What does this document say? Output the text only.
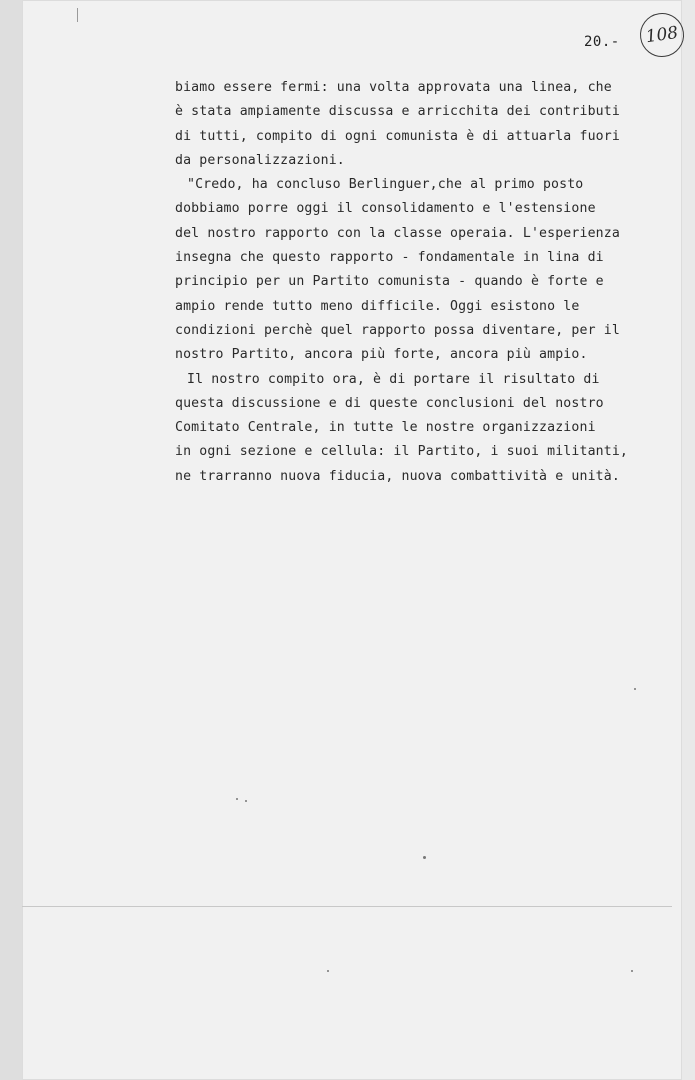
20.-	108
biamo essere fermi: una volta approvata una linea, che
è stata ampiamente discussa e arricchita dei contributi
di tutti, compito di ogni comunista è di attuarla fuori
da personalizzazioni.
"Credo, ha concluso Berlinguer,che al primo posto
dobbiamo porre oggi il consolidamento e l'estensione
del nostro rapporto con la classe operaia. L'esperienza
insegna che questo rapporto - fondamentale in lina di
principio per un Partito comunista - quando è forte e
ampio rende tutto meno difficile. Oggi esistono le
condizioni perchè quel rapporto possa diventare, per il
nostro Partito, ancora più forte, ancora più ampio.
Il nostro compito ora, è di portare il risultato di
questa discussione e di queste conclusioni del nostro
Comitato Centrale, in tutte le nostre organizzazioni
in ogni sezione e cellula: il Partito, i suoi militanti,
ne trarranno nuova fiducia, nuova combattività e unità.
